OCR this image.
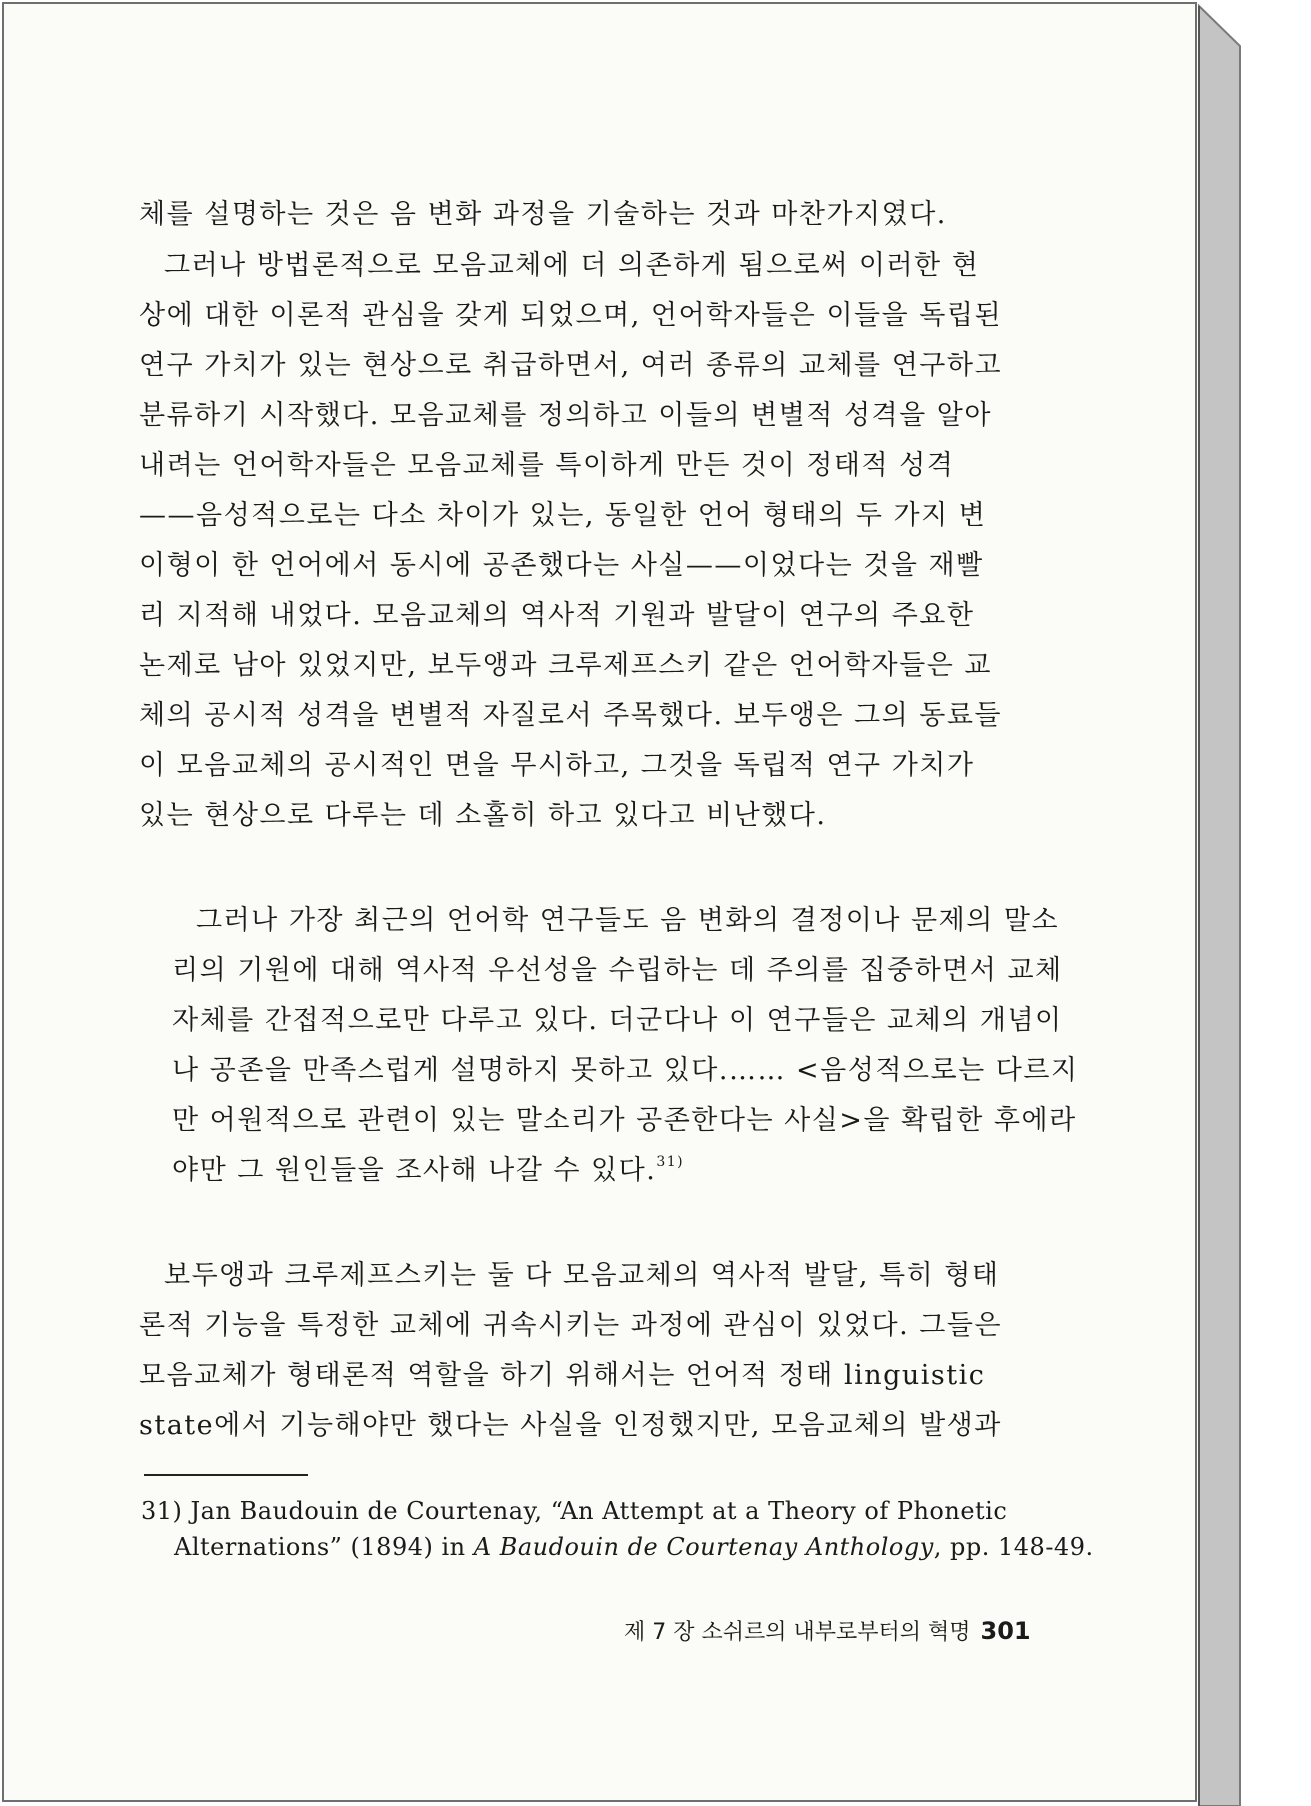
체를 설명하는 것은 음 변화 과정을 기술하는 것과 마찬가지였다.

그러나 방법론적으로 모음교체에 더 의존하게 됨으로써 이러한 현

상에 대한 이론적 관심을 갖게 되었으며, 언어학자들은 이들을 독립된

연구 가치가 있는 현상으로 취급하면서, 여러 종류의 교체를 연구하고

분류하기 시작했다. 모음교체를 정의하고 이들의 변별적 성격을 알아

내려는 언어학자들은 모음교체를 특이하게 만든 것이 정태적 성격

——음성적으로는 다소 차이가 있는, 동일한 언어 형태의 두 가지 변

이형이 한 언어에서 동시에 공존했다는 사실——이었다는 것을 재빨

리 지적해 내었다. 모음교체의 역사적 기원과 발달이 연구의 주요한

논제로 남아 있었지만, 보두앵과 크루제프스키 같은 언어학자들은 교

체의 공시적 성격을 변별적 자질로서 주목했다. 보두앵은 그의 동료들

이 모음교체의 공시적인 면을 무시하고, 그것을 독립적 연구 가치가

있는 현상으로 다루는 데 소홀히 하고 있다고 비난했다.

그러나 가장 최근의 언어학 연구들도 음 변화의 결정이나 문제의 말소

리의 기원에 대해 역사적 우선성을 수립하는 데 주의를 집중하면서 교체

자체를 간접적으로만 다루고 있다. 더군다나 이 연구들은 교체의 개념이

나 공존을 만족스럽게 설명하지 못하고 있다.…… <음성적으로는 다르지

만 어원적으로 관련이 있는 말소리가 공존한다는 사실>을 확립한 후에라

야만 그 원인들을 조사해 나갈 수 있다.$^{31)}$

보두앵과 크루제프스키는 둘 다 모음교체의 역사적 발달, 특히 형태

론적 기능을 특정한 교체에 귀속시키는 과정에 관심이 있었다. 그들은

모음교체가 형태론적 역할을 하기 위해서는 언어적 정태 linguistic

state에서 기능해야만 했다는 사실을 인정했지만, 모음교체의 발생과

31) Jan Baudouin de Courtenay, “An Attempt at a Theory of Phonetic

Alternations” (1894) in A Baudouin de Courtenay Anthology, pp. 148-49.

제 7 장 소쉬르의 내부로부터의 혁명 301
